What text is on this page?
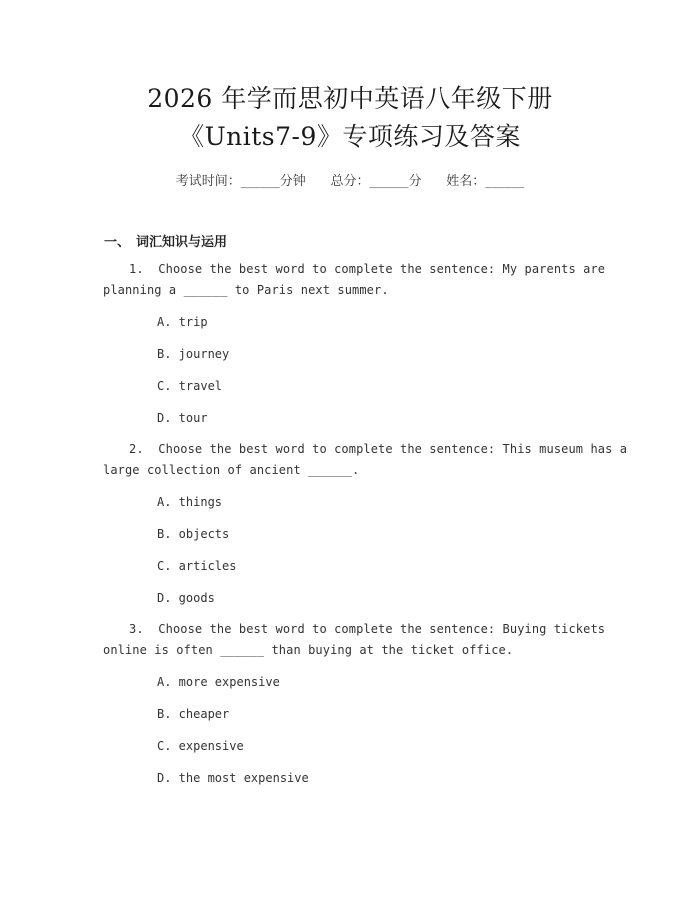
2026 年学而思初中英语八年级下册
《Units7-9》专项练习及答案
考试时间：______分钟      总分：______分      姓名：______
一、 词汇知识与运用
1.  Choose the best word to complete the sentence: My parents are
planning a ______ to Paris next summer.
A. trip
B. journey
C. travel
D. tour
2.  Choose the best word to complete the sentence: This museum has a
large collection of ancient ______.
A. things
B. objects
C. articles
D. goods
3.  Choose the best word to complete the sentence: Buying tickets
online is often ______ than buying at the ticket office.
A. more expensive
B. cheaper
C. expensive
D. the most expensive
